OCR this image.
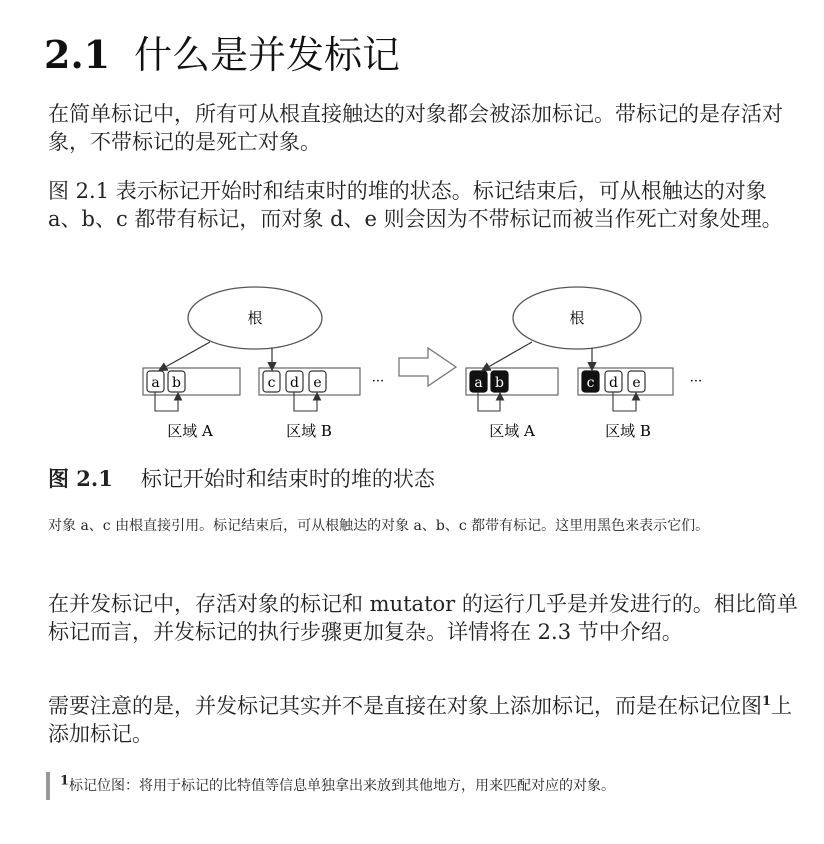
2.1 什么是并发标记
在简单标记中，所有可从根直接触达的对象都会被添加标记。带标记的是存活对象，不带标记的是死亡对象。
图 2.1 表示标记开始时和结束时的堆的状态。标记结束后，可从根触达的对象 a、b、c 都带有标记，而对象 d、e 则会因为不带标记而被当作死亡对象处理。
根
a b	c d e	···
区域 A	区域 B
根
a b	c d e	···
区域 A	区域 B
图 2.1 标记开始时和结束时的堆的状态
对象 a、c 由根直接引用。标记结束后，可从根触达的对象 a、b、c 都带有标记。这里用黑色来表示它们。
在并发标记中，存活对象的标记和 mutator 的运行几乎是并发进行的。相比简单标记而言，并发标记的执行步骤更加复杂。详情将在 2.3 节中介绍。
需要注意的是，并发标记其实并不是直接在对象上添加标记，而是在标记位图$^1$上添加标记。
$^1$标记位图：将用于标记的比特值等信息单独拿出来放到其他地方，用来匹配对应的对象。
